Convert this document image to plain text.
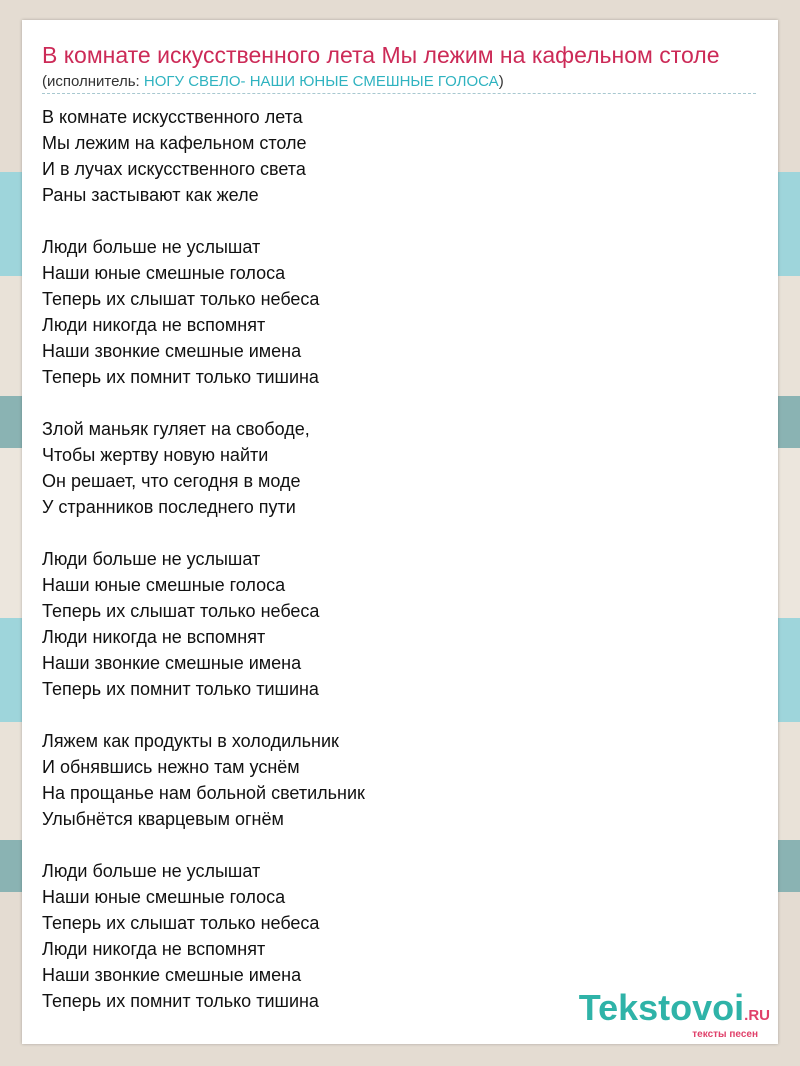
В комнате искусственного лета Мы лежим на кафельном столе
(исполнитель: НОГУ СВЕЛО- НАШИ ЮНЫЕ СМЕШНЫЕ ГОЛОСА)
В комнате искусственного лета
Мы лежим на кафельном столе
И в лучах искусственного света
Раны застывают как желе
Люди больше не услышат
Наши юные смешные голоса
Теперь их слышат только небеса
Люди никогда не вспомнят
Наши звонкие смешные имена
Теперь их помнит только тишина
Злой маньяк гуляет на свободе,
Чтобы жертву новую найти
Он решает, что сегодня в моде
У странников последнего пути
Люди больше не услышат
Наши юные смешные голоса
Теперь их слышат только небеса
Люди никогда не вспомнят
Наши звонкие смешные имена
Теперь их помнит только тишина
Ляжем как продукты в холодильник
И обнявшись нежно там уснём
На прощанье нам больной светильник
Улыбнётся кварцевым огнём
Люди больше не услышат
Наши юные смешные голоса
Теперь их слышат только небеса
Люди никогда не вспомнят
Наши звонкие смешные имена
Теперь их помнит только тишина	Tekstovoi.RU
тексты песен
